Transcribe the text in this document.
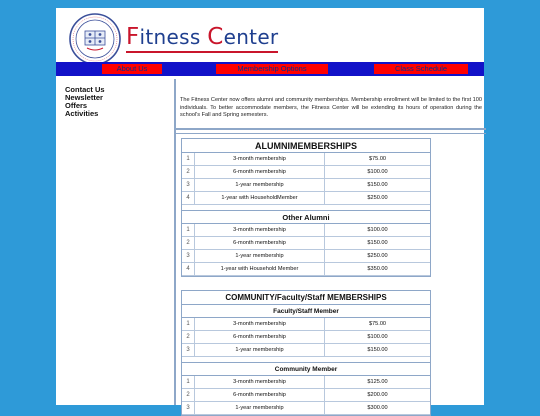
Fitness Center
About Us	Membership Options	Class Schedule
Contact Us
Newsletter
Offers
Activities

The Fitness Center now offers alumni and community memberships. Membership enrollment will be limited to the first 100 individuals. To better accommodate members, the Fitness Center will be extending its hours of operation during the school's Fall and Spring semesters.

ALUMNIMEMBERSHIPS
1	3-month membership	$75.00
2	6-month membership	$100.00
3	1-year membership	$150.00
4	1-year with HouseholdMember	$250.00
Other Alumni
1	3-month membership	$100.00
2	6-month membership	$150.00
3	1-year membership	$250.00
4	1-year with Household Member	$350.00
COMMUNITY/Faculty/Staff MEMBERSHIPS
Faculty/Staff Member
1	3-month membership	$75.00
2	6-month membership	$100.00
3	1-year membership	$150.00
Community Member
1	3-month membership	$125.00
2	6-month membership	$200.00
3	1-year membership	$300.00
